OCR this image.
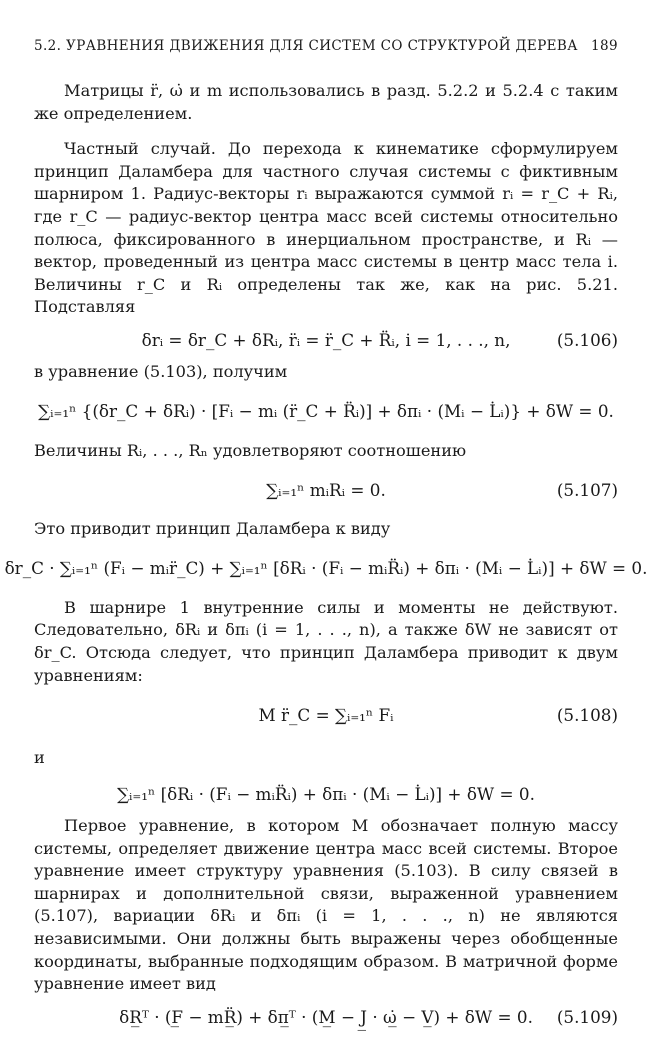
5.2. УРАВНЕНИЯ ДВИЖЕНИЯ ДЛЯ СИСТЕМ СО СТРУКТУРОЙ ДЕРЕВА 189

Матрицы r̈, ω̇ и m использовались в разд. 5.2.2 и 5.2.4 с таким же определением.

Частный случай. До перехода к кинематике сформулируем принцип Даламбера для частного случая системы с фиктивным шарниром 1. Радиус-векторы rᵢ выражаются суммой rᵢ = r_C + Rᵢ, где r_C — радиус-вектор центра масс всей системы относительно полюса, фиксированного в инерциальном пространстве, и Rᵢ — вектор, проведенный из центра масс системы в центр масс тела i. Величины r_C и Rᵢ определены так же, как на рис. 5.21. Подставляя

δrᵢ = δr_C + δRᵢ, r̈ᵢ = r̈_C + R̈ᵢ, i = 1, . . ., n,	(5.106)

в уравнение (5.103), получим

∑ᵢ₌₁ⁿ {(δr_C + δRᵢ) · [Fᵢ − mᵢ (r̈_C + R̈ᵢ)] + δπᵢ · (Mᵢ − L̇ᵢ)} + δW = 0.

Величины Rᵢ, . . ., Rₙ удовлетворяют соотношению

∑ᵢ₌₁ⁿ mᵢRᵢ = 0.	(5.107)

Это приводит принцип Даламбера к виду

δr_C · ∑ᵢ₌₁ⁿ (Fᵢ − mᵢr̈_C) + ∑ᵢ₌₁ⁿ [δRᵢ · (Fᵢ − mᵢR̈ᵢ) + δπᵢ · (Mᵢ − L̇ᵢ)] + δW = 0.

В шарнире 1 внутренние силы и моменты не действуют. Следовательно, δRᵢ и δπᵢ (i = 1, . . ., n), а также δW не зависят от δr_C. Отсюда следует, что принцип Даламбера приводит к двум уравнениям:

M r̈_C = ∑ᵢ₌₁ⁿ Fᵢ	(5.108)

и

∑ᵢ₌₁ⁿ [δRᵢ · (Fᵢ − mᵢR̈ᵢ) + δπᵢ · (Mᵢ − L̇ᵢ)] + δW = 0.

Первое уравнение, в котором M обозначает полную массу системы, определяет движение центра масс всей системы. Второе уравнение имеет структуру уравнения (5.103). В силу связей в шарнирах и дополнительной связи, выраженной уравнением (5.107), вариации δRᵢ и δπᵢ (i = 1, . . ., n) не являются независимыми. Они должны быть выражены через обобщенные координаты, выбранные подходящим образом. В матричной форме уравнение имеет вид

δR̲ᵀ · (F̲ − mR̲̈) + δπ̲ᵀ · (M̲ − J̲ · ω̲̇ − V̲) + δW = 0. (5.109)
